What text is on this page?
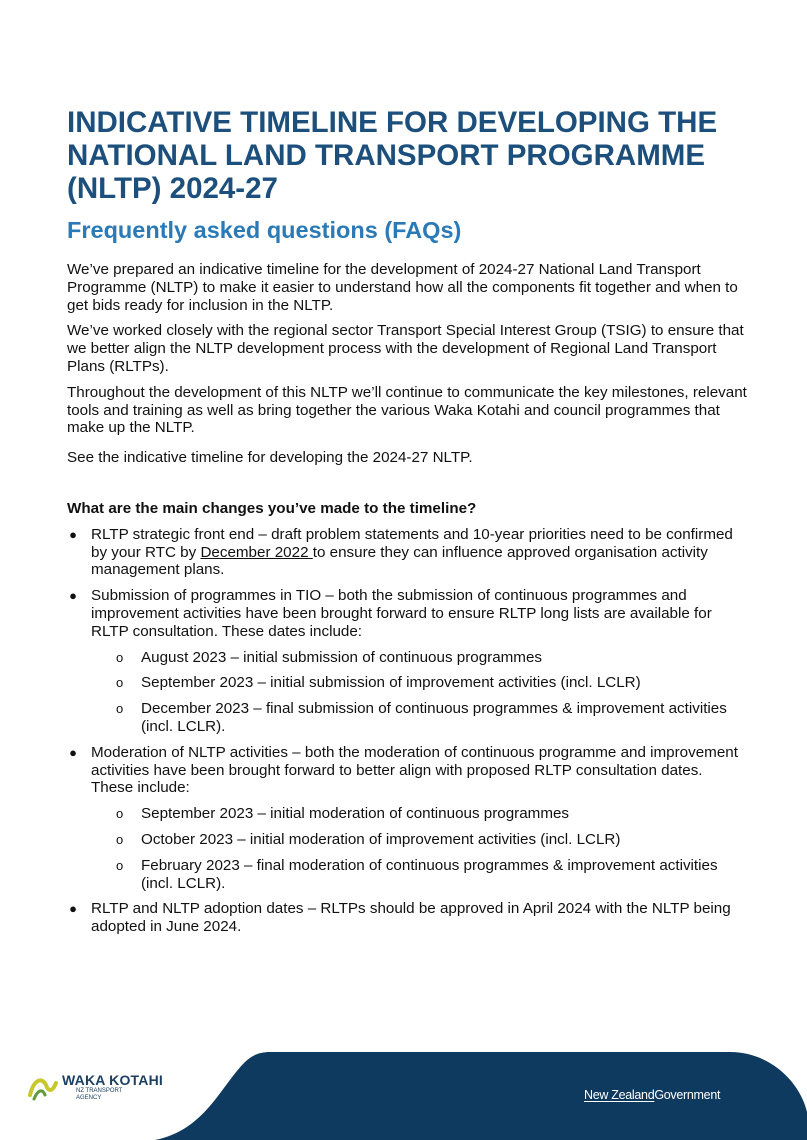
INDICATIVE TIMELINE FOR DEVELOPING THE NATIONAL LAND TRANSPORT PROGRAMME (NLTP) 2024-27
Frequently asked questions (FAQs)

We’ve prepared an indicative timeline for the development of 2024-27 National Land Transport Programme (NLTP) to make it easier to understand how all the components fit together and when to get bids ready for inclusion in the NLTP.

We’ve worked closely with the regional sector Transport Special Interest Group (TSIG) to ensure that we better align the NLTP development process with the development of Regional Land Transport Plans (RLTPs).

Throughout the development of this NLTP we’ll continue to communicate the key milestones, relevant tools and training as well as bring together the various Waka Kotahi and council programmes that make up the NLTP.

See the indicative timeline for developing the 2024-27 NLTP.

What are the main changes you’ve made to the timeline?

● RLTP strategic front end – draft problem statements and 10-year priorities need to be confirmed by your RTC by December 2022 to ensure they can influence approved organisation activity management plans.
● Submission of programmes in TIO – both the submission of continuous programmes and improvement activities have been brought forward to ensure RLTP long lists are available for RLTP consultation. These dates include:
o August 2023 – initial submission of continuous programmes
o September 2023 – initial submission of improvement activities (incl. LCLR)
o December 2023 – final submission of continuous programmes & improvement activities (incl. LCLR).
● Moderation of NLTP activities – both the moderation of continuous programme and improvement activities have been brought forward to better align with proposed RLTP consultation dates. These include:
o September 2023 – initial moderation of continuous programmes
o October 2023 – initial moderation of improvement activities (incl. LCLR)
o February 2023 – final moderation of continuous programmes & improvement activities (incl. LCLR).
● RLTP and NLTP adoption dates – RLTPs should be approved in April 2024 with the NLTP being adopted in June 2024.
WAKA KOTAHI
NZ TRANSPORT
AGENCY	New ZealandGovernment
